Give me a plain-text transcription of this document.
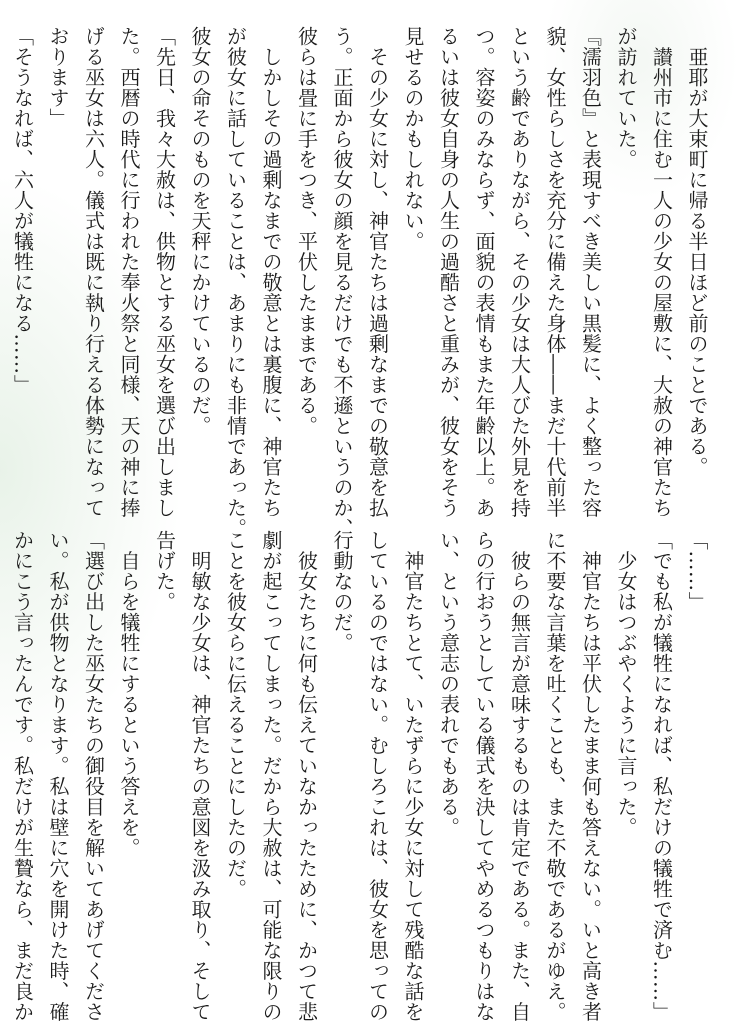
　亜耶が大束町に帰る半日ほど前のことである。
　讃州市に住む一人の少女の屋敷に、大赦の神官たち
が訪れていた。
『濡羽色』と表現すべき美しい黒髪に、よく整った容
貌、女性らしさを充分に備えた身体――まだ十代前半
という齢でありながら、その少女は大人びた外見を持
つ。容姿のみならず、面貌の表情もまた年齢以上。あ
るいは彼女自身の人生の過酷さと重みが、彼女をそう
見せるのかもしれない。
　その少女に対し、神官たちは過剰なまでの敬意を払
う。正面から彼女の顔を見るだけでも不遜というのか、
彼らは畳に手をつき、平伏したままである。
　しかしその過剰なまでの敬意とは裏腹に、神官たち
が彼女に話していることは、あまりにも非情であった。
彼女の命そのものを天秤にかけているのだ。
「先日、我々大赦は、供物とする巫女を選び出しまし
た。西暦の時代に行われた奉火祭と同様、天の神に捧
げる巫女は六人。儀式は既に執り行える体勢になって
おります」
「そうなれば、六人が犠牲になる……」
「……」
「でも私が犠牲になれば、私だけの犠牲で済む……」
　少女はつぶやくように言った。
　神官たちは平伏したまま何も答えない。いと高き者
に不要な言葉を吐くことも、また不敬であるがゆえ。
　彼らの無言が意味するものは肯定である。また、自
らの行おうとしている儀式を決してやめるつもりはな
い、という意志の表れでもある。
　神官たちとて、いたずらに少女に対して残酷な話を
しているのではない。むしろこれは、彼女を思っての
行動なのだ。
　彼女たちに何も伝えていなかったために、かつて悲
劇が起こってしまった。だから大赦は、可能な限りの
ことを彼女らに伝えることにしたのだ。
　明敏な少女は、神官たちの意図を汲み取り、そして
告げた。
　自らを犠牲にするという答えを。
「選び出した巫女たちの御役目を解いてあげてくださ
い。私が供物となります。私は壁に穴を開けた時、確
かにこう言ったんです。私だけが生贄なら、まだ良か
